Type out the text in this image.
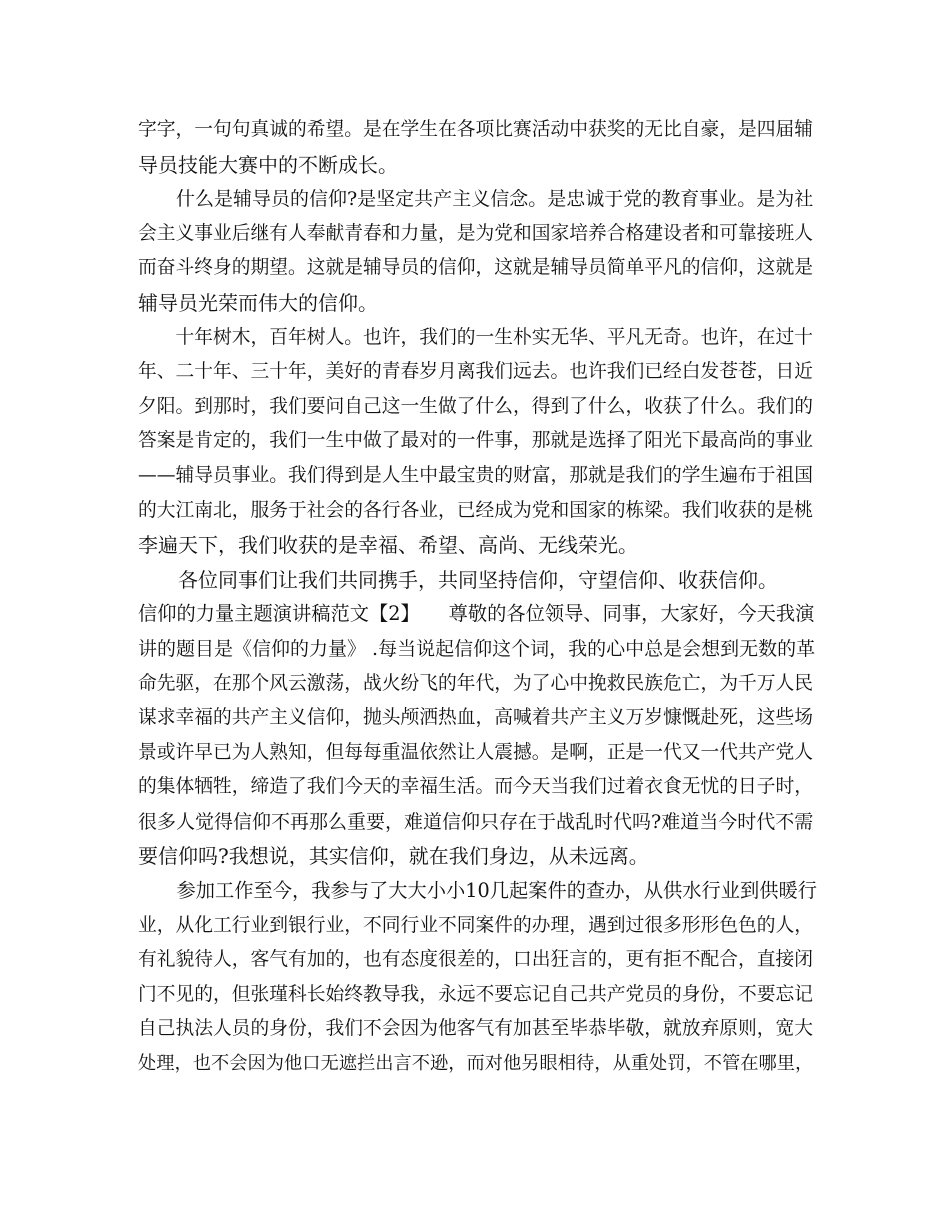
字字，一句句真诚的希望。是在学生在各项比赛活动中获奖的无比自豪，是四届辅
导员技能大赛中的不断成长。
　　什么是辅导员的信仰?是坚定共产主义信念。是忠诚于党的教育事业。是为社
会主义事业后继有人奉献青春和力量，是为党和国家培养合格建设者和可靠接班人
而奋斗终身的期望。这就是辅导员的信仰，这就是辅导员简单平凡的信仰，这就是
辅导员光荣而伟大的信仰。
　　十年树木，百年树人。也许，我们的一生朴实无华、平凡无奇。也许，在过十
年、二十年、三十年，美好的青春岁月离我们远去。也许我们已经白发苍苍，日近
夕阳。到那时，我们要问自己这一生做了什么，得到了什么，收获了什么。我们的
答案是肯定的，我们一生中做了最对的一件事，那就是选择了阳光下最高尚的事业
——辅导员事业。我们得到是人生中最宝贵的财富，那就是我们的学生遍布于祖国
的大江南北，服务于社会的各行各业，已经成为党和国家的栋梁。我们收获的是桃
李遍天下，我们收获的是幸福、希望、高尚、无线荣光。
　　各位同事们让我们共同携手，共同坚持信仰，守望信仰、收获信仰。
信仰的力量主题演讲稿范文【2】　　尊敬的各位领导、同事，大家好，今天我演
讲的题目是《信仰的力量》 .每当说起信仰这个词，我的心中总是会想到无数的革
命先驱，在那个风云激荡，战火纷飞的年代，为了心中挽救民族危亡，为千万人民
谋求幸福的共产主义信仰，抛头颅洒热血，高喊着共产主义万岁慷慨赴死，这些场
景或许早已为人熟知，但每每重温依然让人震撼。是啊，正是一代又一代共产党人
的集体牺牲，缔造了我们今天的幸福生活。而今天当我们过着衣食无忧的日子时，
很多人觉得信仰不再那么重要，难道信仰只存在于战乱时代吗?难道当今时代不需
要信仰吗?我想说，其实信仰，就在我们身边，从未远离。
　　参加工作至今，我参与了大大小小10几起案件的查办，从供水行业到供暖行
业，从化工行业到银行业，不同行业不同案件的办理，遇到过很多形形色色的人，
有礼貌待人，客气有加的，也有态度很差的，口出狂言的，更有拒不配合，直接闭
门不见的，但张瑾科长始终教导我，永远不要忘记自己共产党员的身份，不要忘记
自己执法人员的身份，我们不会因为他客气有加甚至毕恭毕敬，就放弃原则，宽大
处理，也不会因为他口无遮拦出言不逊，而对他另眼相待，从重处罚，不管在哪里，
